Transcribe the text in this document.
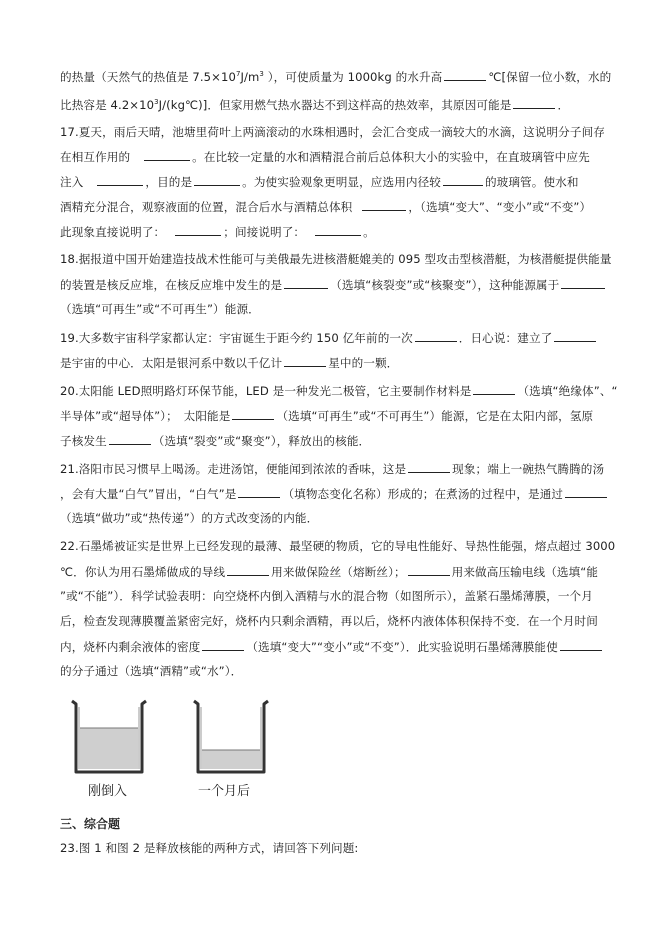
的热量（天然气的热值是 $7.5\times 10^7J/m^3$ ），可使质量为 1000kg 的水升高	℃[保留一位小数，水的
比热容是 $4.2\times 10^3J/(kg℃)$]．但家用燃气热水器达不到这样高的热效率，其原因可能是	．
17.夏天，雨后天晴，池塘里荷叶上两滴滚动的水珠相遇时，会汇合变成一滴较大的水滴，这说明分子间存
在相互作用的	。在比较一定量的水和酒精混合前后总体积大小的实验中，在直玻璃管中应先
注入	，目的是	。为使实验观象更明显，应选用内径较	的玻璃管。使水和
酒精充分混合，观察液面的位置，混合后水与酒精总体积	，（选填“变大”、“变小”或“不变”）
此现象直接说明了：	；间接说明了：	。
18.据报道中国开始建造技战术性能可与美俄最先进核潜艇媲美的 095 型攻击型核潜艇，为核潜艇提供能量
的装置是核反应堆，在核反应堆中发生的是	（选填“核裂变”或“核聚变”），这种能源属于
（选填“可再生”或“不可再生”）能源．
19.大多数宇宙科学家都认定：宇宙诞生于距今约 150 亿年前的一次	．日心说：建立了
是宇宙的中心．太阳是银河系中数以千亿计	星中的一颗．
20.太阳能 LED照明路灯环保节能，LED 是一种发光二极管，它主要制作材料是	（选填“绝缘体”、“
半导体”或“超导体”）；　太阳能是	（选填“可再生”或“不可再生”）能源，它是在太阳内部，氢原
子核发生	（选填“裂变”或“聚变”），释放出的核能．
21.洛阳市民习惯早上喝汤。走进汤馆，便能闻到浓浓的香味，这是	现象；端上一碗热气腾腾的汤
，会有大量“白气”冒出，“白气”是	（填物态变化名称）形成的；在煮汤的过程中，是通过
（选填“做功”或“热传递”）的方式改变汤的内能．
22.石墨烯被证实是世界上已经发现的最薄、最坚硬的物质，它的导电性能好、导热性能强，熔点超过 3000
℃．你认为用石墨烯做成的导线	用来做保险丝（熔断丝）；	用来做高压输电线（选填“能
”或“不能”）．科学试验表明：向空烧杯内倒入酒精与水的混合物（如图所示），盖紧石墨烯薄膜，一个月
后，检查发现薄膜覆盖紧密完好，烧杯内只剩余酒精，再以后，烧杯内液体体积保持不变．在一个月时间
内，烧杯内剩余液体的密度	（选填“变大”“变小”或“不变”）．此实验说明石墨烯薄膜能使
的分子通过（选填“酒精”或“水”）．
刚倒入	一个月后
三、综合题
23.图 1 和图 2 是释放核能的两种方式，请回答下列问题:
